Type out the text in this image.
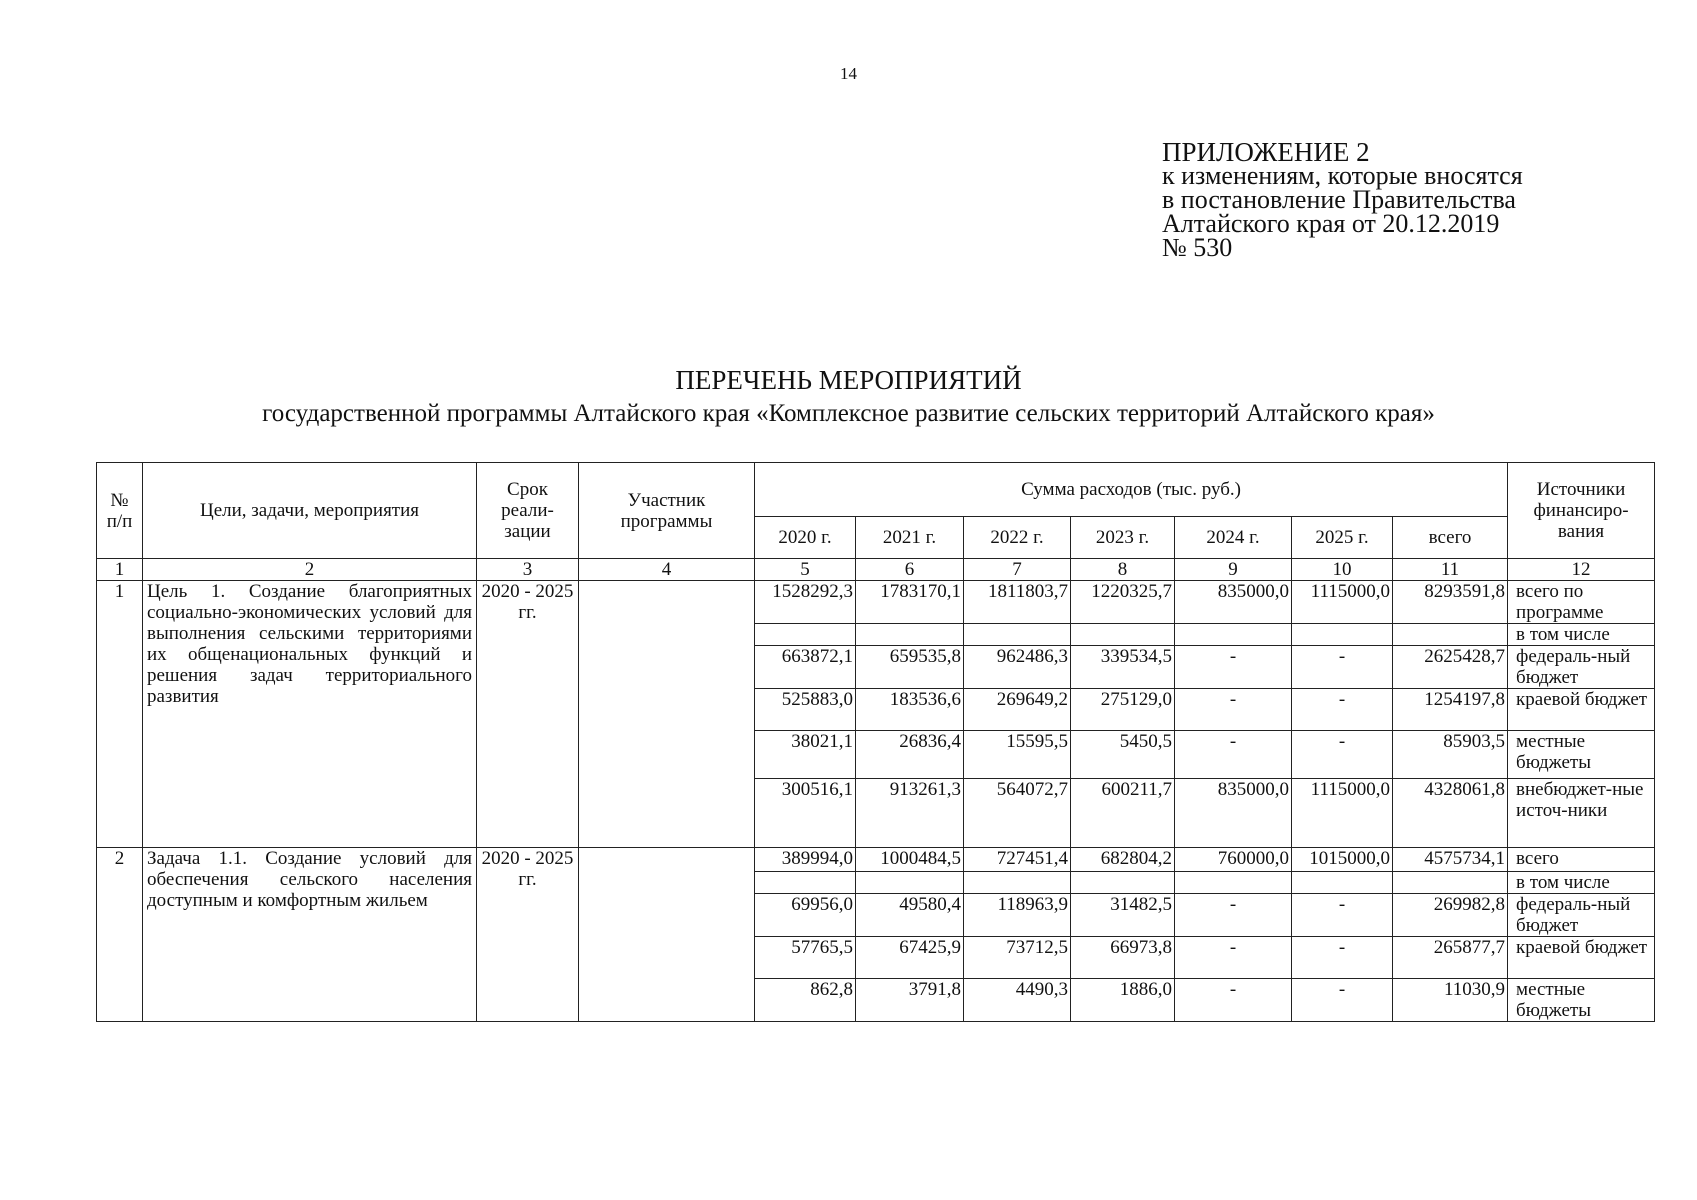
14
ПРИЛОЖЕНИЕ 2
к изменениям, которые вносятся
в постановление Правительства
Алтайского края от 20.12.2019
№ 530
ПЕРЕЧЕНЬ МЕРОПРИЯТИЙ
государственной программы Алтайского края «Комплексное развитие сельских территорий Алтайского края»
№ п/п	Цели, задачи, мероприятия	Срок реали-зации	Участник программы	Сумма расходов (тыс. руб.)							Источники финансиро-вания
				2020 г.	2021 г.	2022 г.	2023 г.	2024 г.	2025 г.	всего	
1	2	3	4	5	6	7	8	9	10	11	12
1	Цель 1. Создание благоприятных социально-экономических условий для выполнения сельскими территориями их общенациональных функций и решения задач территориального развития	2020 - 2025 гг.		1528292,3	1783170,1	1811803,7	1220325,7	835000,0	1115000,0	8293591,8	всего по программе
											в том числе
				663872,1	659535,8	962486,3	339534,5	-	-	2625428,7	федераль-ный бюджет
				525883,0	183536,6	269649,2	275129,0	-	-	1254197,8	краевой бюджет
				38021,1	26836,4	15595,5	5450,5	-	-	85903,5	местные бюджеты
				300516,1	913261,3	564072,7	600211,7	835000,0	1115000,0	4328061,8	внебюджет-ные источ-ники
2	Задача 1.1. Создание условий для обеспечения сельского населения доступным и комфортным жильем	2020 - 2025 гг.		389994,0	1000484,5	727451,4	682804,2	760000,0	1015000,0	4575734,1	всего
											в том числе
				69956,0	49580,4	118963,9	31482,5	-	-	269982,8	федераль-ный бюджет
				57765,5	67425,9	73712,5	66973,8	-	-	265877,7	краевой бюджет
				862,8	3791,8	4490,3	1886,0	-	-	11030,9	местные бюджеты
